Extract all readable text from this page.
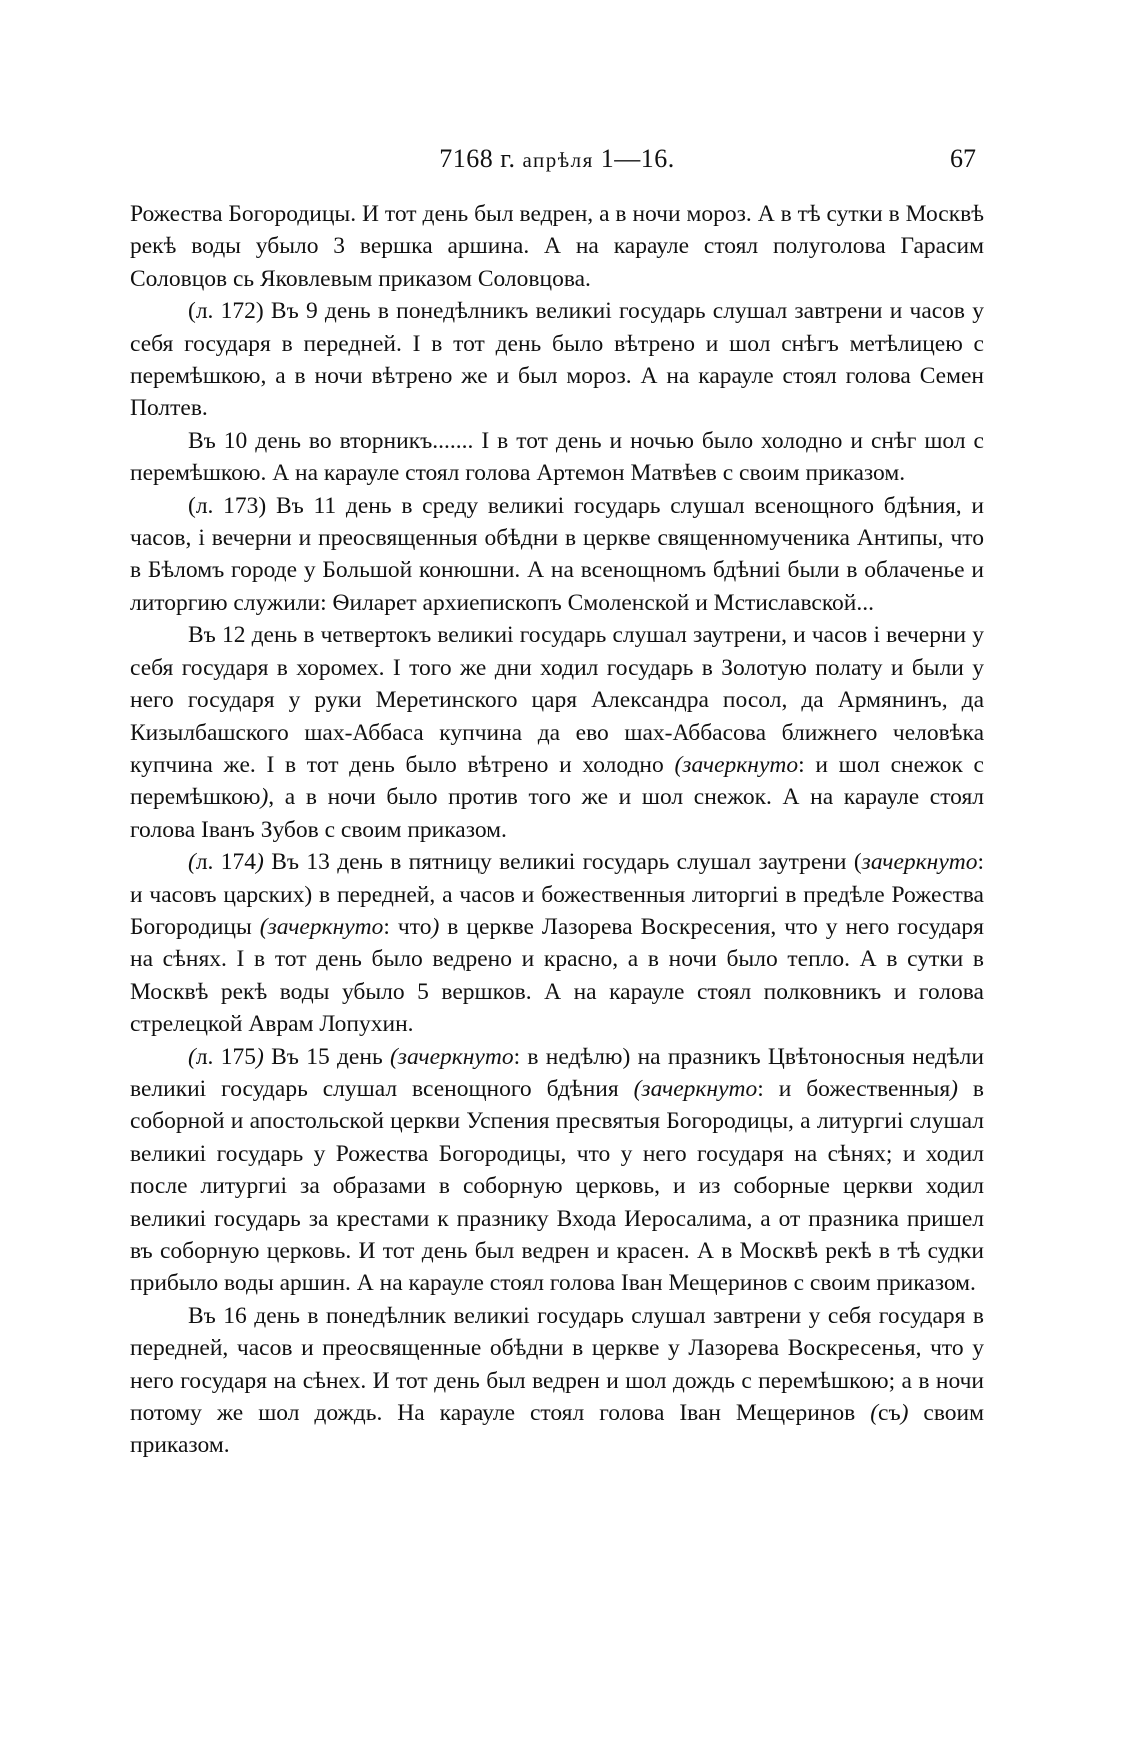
7168 г. апрѣля 1—16.	67

Рожества Богородицы. И тот день был ведрен, а в ночи мороз. А в тѣ сутки в Москвѣ рекѣ воды убыло 3 вершка аршина. А на карауле стоял полуголова Гарасим Соловцов сь Яковлевым приказом Соловцова.

(л. 172) Въ 9 день в понедѣлникъ великиі государь слушал завтрени и часов у себя государя в передней. І в тот день было вѣтрено и шол снѣгъ метѣлицею с перемѣшкою, а в ночи вѣтрено же и был мороз. А на карауле стоял голова Семен Полтев.

Въ 10 день во вторникъ....... І в тот день и ночью было холодно и снѣг шол с перемѣшкою. А на карауле стоял голова Артемон Матвѣев с своим приказом.

(л. 173) Въ 11 день в среду великиі государь слушал всенощного бдѣния, и часов, і вечерни и преосвященныя обѣдни в церкве священномученика Антипы, что в Бѣломъ городе у Большой конюшни. А на всенощномъ бдѣниі были в облаченье и литоргию служили: Ѳиларет архиепископъ Смоленской и Мстиславской...

Въ 12 день в четвертокъ великиі государь слушал заутрени, и часов і вечерни у себя государя в хоромех. І того же дни ходил государь в Золотую полату и были у него государя у руки Меретинского царя Александра посол, да Армянинъ, да Кизылбашского шах-Аббаса купчина да ево шах-Аббасова ближнего человѣка купчина же. І в тот день было вѣтрено и холодно (зачеркнуто: и шол снежок с перемѣшкою), а в ночи было против того же и шол снежок. А на карауле стоял голова Іванъ Зубов с своим приказом.

(л. 174) Въ 13 день в пятницу великиі государь слушал заутрени (зачеркнуто: и часовъ царских) в передней, а часов и божественныя литоргиі в предѣле Рожества Богородицы (зачеркнуто: что) в церкве Лазорева Воскресения, что у него государя на сѣнях. І в тот день было ведрено и красно, а в ночи было тепло. А в сутки в Москвѣ рекѣ воды убыло 5 вершков. А на карауле стоял полковникъ и голова стрелецкой Аврам Лопухин.

(л. 175) Въ 15 день (зачеркнуто: в недѣлю) на празникъ Цвѣтоносныя недѣли великиі государь слушал всенощного бдѣния (зачеркнуто: и божественныя) в соборной и апостольской церкви Успения пресвятыя Богородицы, а литургиі слушал великиі государь у Рожества Богородицы, что у него государя на сѣнях; и ходил после литургиі за образами в соборную церковь, и из соборные церкви ходил великиі государь за крестами к празнику Входа Иеросалима, а от празника пришел въ соборную церковь. И тот день был ведрен и красен. А в Москвѣ рекѣ в тѣ судки прибыло воды аршин. А на карауле стоял голова Іван Мещеринов с своим приказом.

Въ 16 день в понедѣлник великиі государь слушал завтрени у себя государя в передней, часов и преосвященные обѣдни в церкве у Лазорева Воскресенья, что у него государя на сѣнех. И тот день был ведрен и шол дождь с перемѣшкою; а в ночи потому же шол дождь. На карауле стоял голова Іван Мещеринов (съ) своим приказом.
